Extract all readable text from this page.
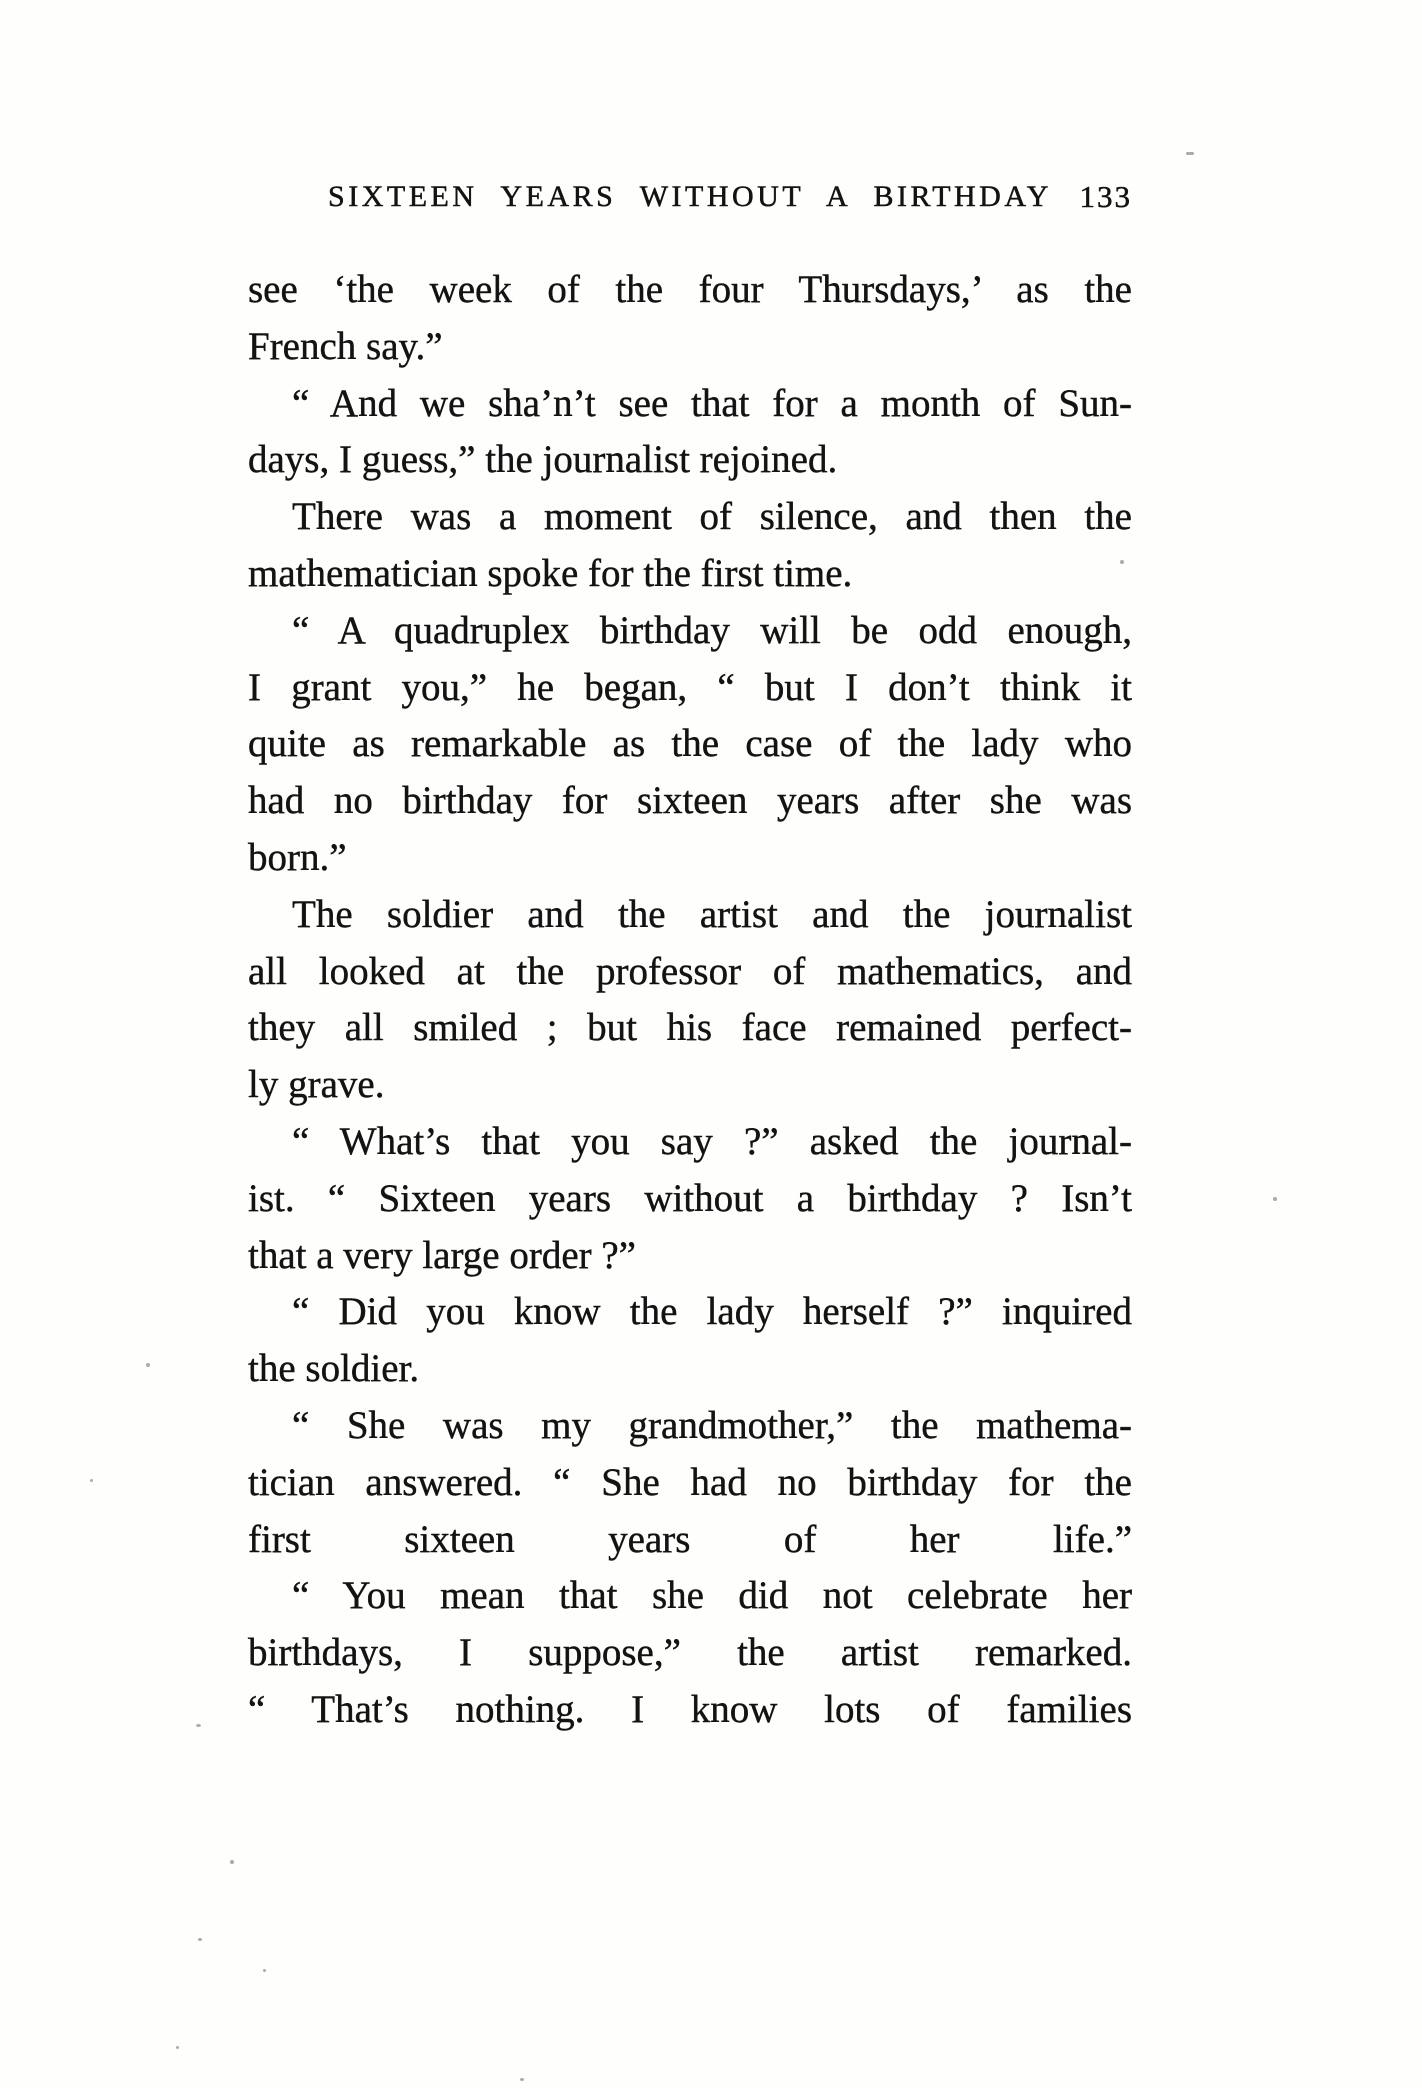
SIXTEEN YEARS WITHOUT A BIRTHDAY 133
see ‘the week of the four Thursdays,’ as the
French say.”
“ And we sha’n’t see that for a month of Sun-
days, I guess,” the journalist rejoined.
There was a moment of silence, and then the
mathematician spoke for the first time.
“ A quadruplex birthday will be odd enough,
I grant you,” he began, “ but I don’t think it
quite as remarkable as the case of the lady who
had no birthday for sixteen years after she was
born.”
The soldier and the artist and the journalist
all looked at the professor of mathematics, and
they all smiled ; but his face remained perfect-
ly grave.
“ What’s that you say ?” asked the journal-
ist. “ Sixteen years without a birthday ? Isn’t
that a very large order ?”
“ Did you know the lady herself ?” inquired
the soldier.
“ She was my grandmother,” the mathema-
tician answered. “ She had no birthday for the
first sixteen years of her life.”
“ You mean that she did not celebrate her
birthdays, I suppose,” the artist remarked.
“ That’s nothing. I know lots of families
